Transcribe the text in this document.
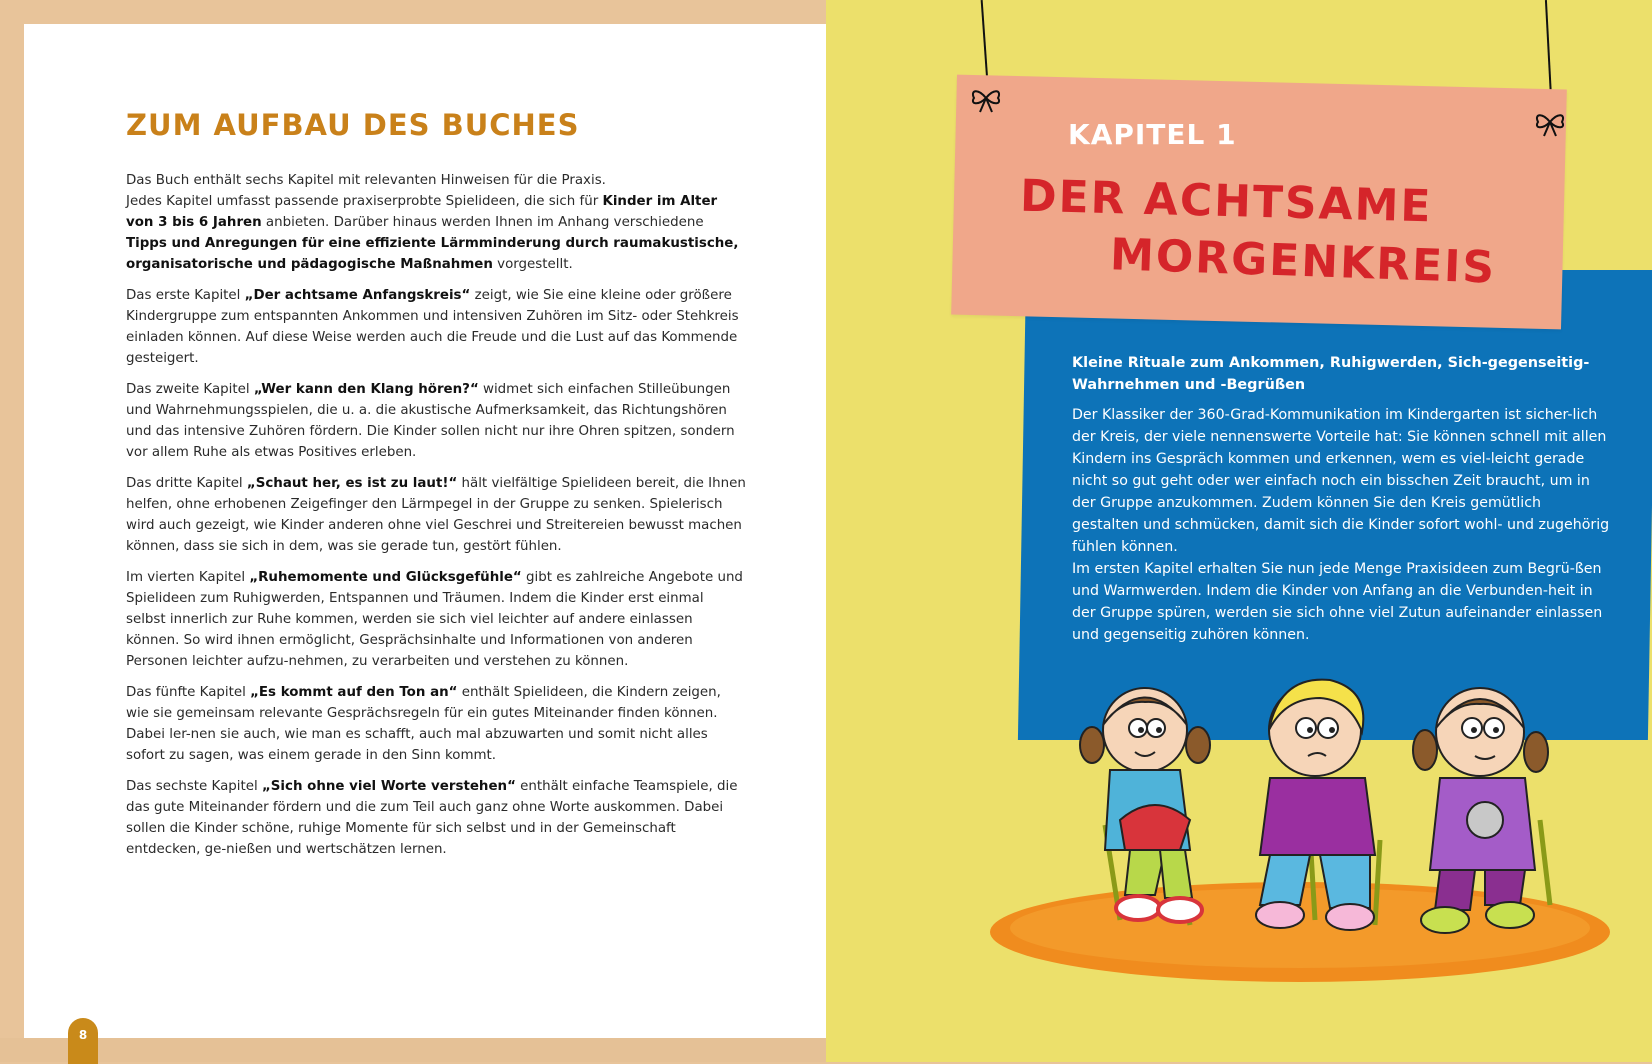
8
ZUM AUFBAU DES BUCHES

Das Buch enthält sechs Kapitel mit relevanten Hinweisen für die Praxis.
Jedes Kapitel umfasst passende praxiserprobte Spielideen, die sich für Kinder im Alter von 3 bis 6 Jahren anbieten. Darüber hinaus werden Ihnen im Anhang verschiedene Tipps und Anregungen für eine effiziente Lärmminderung durch raumakustische, organisatorische und pädagogische Maßnahmen vorgestellt.

Das erste Kapitel „Der achtsame Anfangskreis“ zeigt, wie Sie eine kleine oder größere Kindergruppe zum entspannten Ankommen und intensiven Zuhören im Sitz- oder Stehkreis einladen können. Auf diese Weise werden auch die Freude und die Lust auf das Kommende gesteigert.

Das zweite Kapitel „Wer kann den Klang hören?“ widmet sich einfachen Stilleübungen und Wahrnehmungsspielen, die u. a. die akustische Aufmerksamkeit, das Richtungshören und das intensive Zuhören fördern. Die Kinder sollen nicht nur ihre Ohren spitzen, sondern vor allem Ruhe als etwas Positives erleben.

Das dritte Kapitel „Schaut her, es ist zu laut!“ hält vielfältige Spielideen bereit, die Ihnen helfen, ohne erhobenen Zeigefinger den Lärmpegel in der Gruppe zu senken. Spielerisch wird auch gezeigt, wie Kinder anderen ohne viel Geschrei und Streitereien bewusst machen können, dass sie sich in dem, was sie gerade tun, gestört fühlen.

Im vierten Kapitel „Ruhemomente und Glücksgefühle“ gibt es zahlreiche Angebote und Spielideen zum Ruhigwerden, Entspannen und Träumen. Indem die Kinder erst einmal selbst innerlich zur Ruhe kommen, werden sie sich viel leichter auf andere einlassen können. So wird ihnen ermöglicht, Gesprächsinhalte und Informationen von anderen Personen leichter aufzu-nehmen, zu verarbeiten und verstehen zu können.

Das fünfte Kapitel „Es kommt auf den Ton an“ enthält Spielideen, die Kindern zeigen, wie sie gemeinsam relevante Gesprächsregeln für ein gutes Miteinander finden können. Dabei ler-nen sie auch, wie man es schafft, auch mal abzuwarten und somit nicht alles sofort zu sagen, was einem gerade in den Sinn kommt.

Das sechste Kapitel „Sich ohne viel Worte verstehen“ enthält einfache Teamspiele, die das gute Miteinander fördern und die zum Teil auch ganz ohne Worte auskommen. Dabei sollen die Kinder schöne, ruhige Momente für sich selbst und in der Gemeinschaft entdecken, ge-nießen und wertschätzen lernen.

KAPITEL 1
DER ACHTSAME
MORGENKREIS
Kleine Rituale zum Ankommen, Ruhigwerden, Sich-gegenseitig-Wahrnehmen und -Begrüßen

Der Klassiker der 360-Grad-Kommunikation im Kindergarten ist sicher-lich der Kreis, der viele nennenswerte Vorteile hat: Sie können schnell mit allen Kindern ins Gespräch kommen und erkennen, wem es viel-leicht gerade nicht so gut geht oder wer einfach noch ein bisschen Zeit braucht, um in der Gruppe anzukommen. Zudem können Sie den Kreis gemütlich gestalten und schmücken, damit sich die Kinder sofort wohl- und zugehörig fühlen können.

Im ersten Kapitel erhalten Sie nun jede Menge Praxisideen zum Begrü-ßen und Warmwerden. Indem die Kinder von Anfang an die Verbunden-heit in der Gruppe spüren, werden sie sich ohne viel Zutun aufeinander einlassen und gegenseitig zuhören können.
